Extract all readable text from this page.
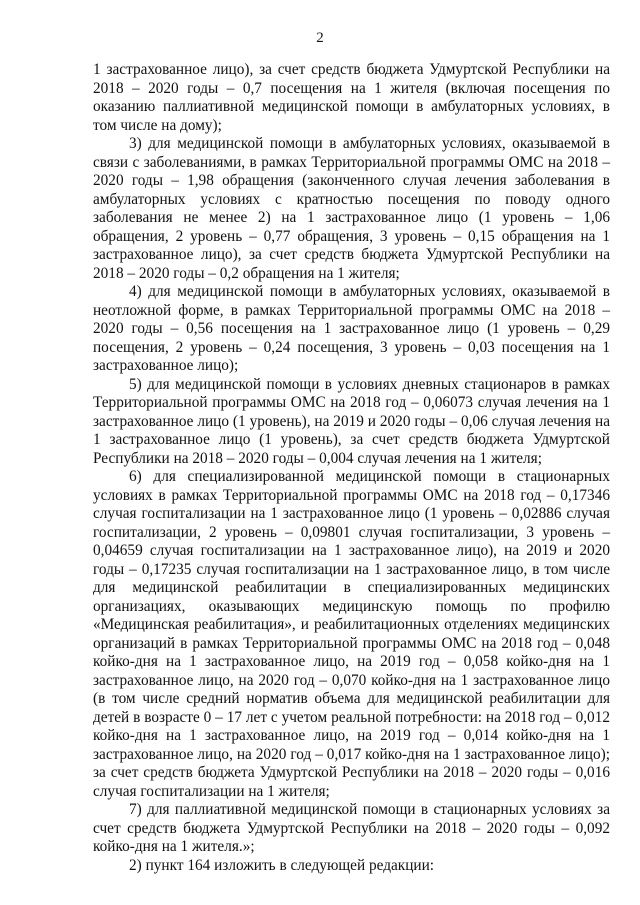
2

1 застрахованное лицо), за счет средств бюджета Удмуртской Республики на 2018 – 2020 годы – 0,7 посещения на 1 жителя (включая посещения по оказанию паллиативной медицинской помощи в амбулаторных условиях, в том числе на дому);

3) для медицинской помощи в амбулаторных условиях, оказываемой в связи с заболеваниями, в рамках Территориальной программы ОМС на 2018 – 2020 годы – 1,98 обращения (законченного случая лечения заболевания в амбулаторных условиях с кратностью посещения по поводу одного заболевания не менее 2) на 1 застрахованное лицо (1 уровень – 1,06 обращения, 2 уровень – 0,77 обращения, 3 уровень – 0,15 обращения на 1 застрахованное лицо), за счет средств бюджета Удмуртской Республики на 2018 – 2020 годы – 0,2 обращения на 1 жителя;

4) для медицинской помощи в амбулаторных условиях, оказываемой в неотложной форме, в рамках Территориальной программы ОМС на 2018 – 2020 годы – 0,56 посещения на 1 застрахованное лицо (1 уровень – 0,29 посещения, 2 уровень – 0,24 посещения, 3 уровень – 0,03 посещения на 1 застрахованное лицо);

5) для медицинской помощи в условиях дневных стационаров в рамках Территориальной программы ОМС на 2018 год – 0,06073 случая лечения на 1 застрахованное лицо (1 уровень), на 2019 и 2020 годы – 0,06 случая лечения на 1 застрахованное лицо (1 уровень), за счет средств бюджета Удмуртской Республики на 2018 – 2020 годы – 0,004 случая лечения на 1 жителя;

6) для специализированной медицинской помощи в стационарных условиях в рамках Территориальной программы ОМС на 2018 год – 0,17346 случая госпитализации на 1 застрахованное лицо (1 уровень – 0,02886 случая госпитализации, 2 уровень – 0,09801 случая госпитализации, 3 уровень – 0,04659 случая госпитализации на 1 застрахованное лицо), на 2019 и 2020 годы – 0,17235 случая госпитализации на 1 застрахованное лицо, в том числе для медицинской реабилитации в специализированных медицинских организациях, оказывающих медицинскую помощь по профилю «Медицинская реабилитация», и реабилитационных отделениях медицинских организаций в рамках Территориальной программы ОМС на 2018 год – 0,048 койко-дня на 1 застрахованное лицо, на 2019 год – 0,058 койко-дня на 1 застрахованное лицо, на 2020 год – 0,070 койко-дня на 1 застрахованное лицо (в том числе средний норматив объема для медицинской реабилитации для детей в возрасте 0 – 17 лет с учетом реальной потребности: на 2018 год – 0,012 койко-дня на 1 застрахованное лицо, на 2019 год – 0,014 койко-дня на 1 застрахованное лицо, на 2020 год – 0,017 койко-дня на 1 застрахованное лицо); за счет средств бюджета Удмуртской Республики на 2018 – 2020 годы – 0,016 случая госпитализации на 1 жителя;

7) для паллиативной медицинской помощи в стационарных условиях за счет средств бюджета Удмуртской Республики на 2018 – 2020 годы – 0,092 койко-дня на 1 жителя.»;

2) пункт 164 изложить в следующей редакции:
